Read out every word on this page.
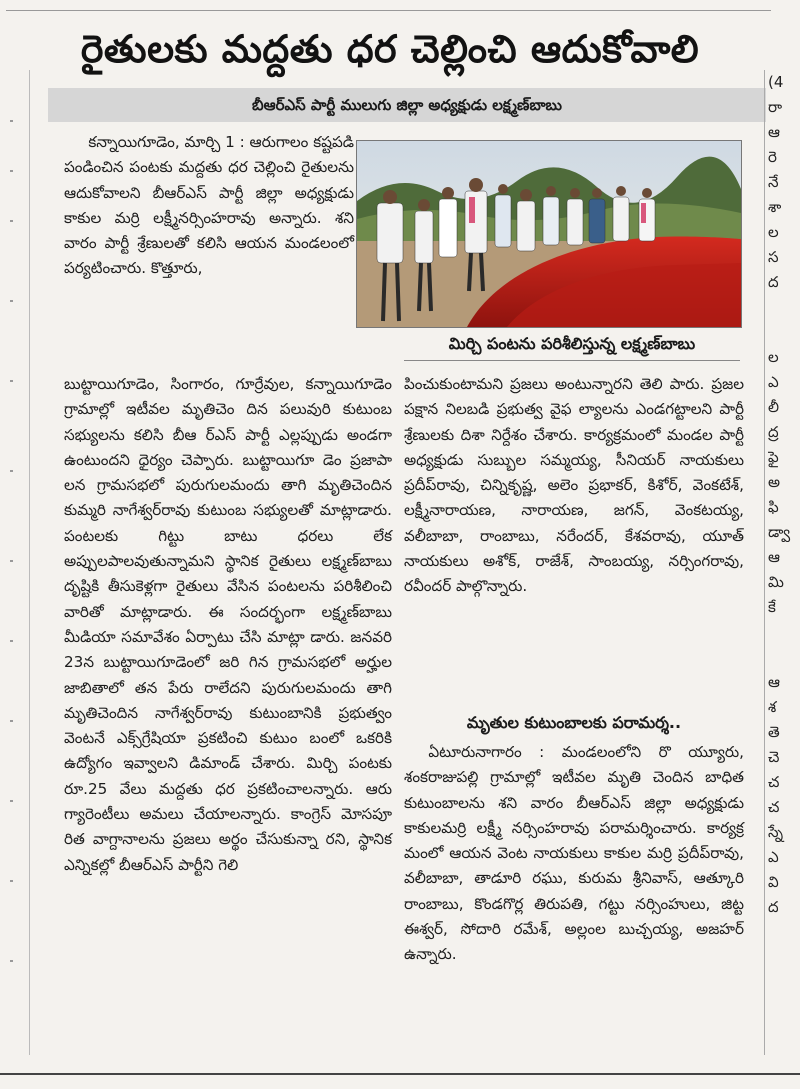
రైతులకు మద్దతు ధర చెల్లించి ఆదుకోవాలి
బీఆర్ఎస్ పార్టీ ములుగు జిల్లా అధ్యక్షుడు లక్ష్మణ్‌బాబు

కన్నాయిగూడెం, మార్చి 1 : ఆరుగాలం కష్టపడి పండించిన పంటకు మద్దతు ధర చెల్లించి రైతులను ఆదుకోవాలని బీఆర్ఎస్ పార్టీ జిల్లా అధ్యక్షుడు కాకుల మర్రి లక్ష్మీనర్సింహరావు అన్నారు. శని వారం పార్టీ శ్రేణులతో కలిసి ఆయన మండలంలో పర్యటించారు. కొత్తూరు,

మిర్చి పంటను పరిశీలిస్తున్న లక్ష్మణ్‌బాబు

బుట్టాయిగూడెం, సింగారం, గూర్రేవుల, కన్నాయిగూడెం గ్రామాల్లో ఇటీవల మృతిచెం దిన పలువురి కుటుంబ సభ్యులను కలిసి బీఆ ర్ఎస్ పార్టీ ఎల్లప్పుడు అండగా ఉంటుందని ధైర్యం చెప్పారు. బుట్టాయిగూ డెం ప్రజాపా లన గ్రామసభలో పురుగులమందు తాగి మృతిచెందిన కుమ్మరి నాగేశ్వర్‌రావు కుటుంబ సభ్యులతో మాట్లాడారు. పంటలకు గిట్టు బాటు ధరలు లేక అప్పులపాలవుతున్నామని స్థానిక రైతులు లక్ష్మణ్‌బాబు దృష్టికి తీసుకెళ్లగా రైతులు వేసిన పంటలను పరిశీలించి వారితో మాట్లాడారు. ఈ సందర్భంగా లక్ష్మణ్‌బాబు మీడియా సమావేశం ఏర్పాటు చేసి మాట్లా డారు. జనవరి 23న బుట్టాయిగూడెంలో జరి గిన గ్రామసభలో అర్హుల జాబితాలో తన పేరు రాలేదని పురుగులమందు తాగి మృతిచెందిన నాగేశ్వర్‌రావు కుటుంబానికి ప్రభుత్వం వెంటనే ఎక్స్‌గ్రేషియా ప్రకటించి కుటుం బంలో ఒకరికి ఉద్యోగం ఇవ్వాలని డిమాండ్ చేశారు. మిర్చి పంటకు రూ.25 వేలు మద్దతు ధర ప్రకటించాలన్నారు. ఆరు గ్యారెంటీలు అమలు చేయాలన్నారు. కాంగ్రెస్ మోసపూ రిత వాగ్దానాలను ప్రజలు అర్థం చేసుకున్నా రని, స్థానిక ఎన్నికల్లో బీఆర్ఎస్ పార్టీని గెలి

పించుకుంటామని ప్రజలు అంటున్నారని తెలి పారు. ప్రజల పక్షాన నిలబడి ప్రభుత్వ వైఫ ల్యాలను ఎండగట్టాలని పార్టీ శ్రేణులకు దిశా నిర్దేశం చేశారు. కార్యక్రమంలో మండల పార్టీ అధ్యక్షుడు సుబ్బుల సమ్మయ్య, సీనియర్ నాయకులు ప్రదీప్‌రావు, చిన్నికృష్ణ, అలెం ప్రభాకర్, కిశోర్, వెంకటేశ్, లక్ష్మీనారాయణ, నారాయణ, జగన్, వెంకటయ్య, వలీబాబా, రాంబాబు, నరేందర్, కేశవరావు, యూత్ నాయకులు అశోక్, రాజేశ్, సాంబయ్య, నర్సింగరావు, రవీందర్ పాల్గొన్నారు.

మృతుల కుటుంబాలకు పరామర్శ..

ఏటూరునాగారం : మండలంలోని రొ య్యూరు, శంకరాజుపల్లి గ్రామాల్లో ఇటీవల మృతి చెందిన బాధిత కుటుంబాలను శని వారం బీఆర్ఎస్ జిల్లా అధ్యక్షుడు కాకులమర్రి లక్ష్మీ నర్సింహరావు పరామర్శించారు. కార్యక్ర మంలో ఆయన వెంట నాయకులు కాకుల మర్రి ప్రదీప్‌రావు, వలీబాబా, తాడూరి రఘు, కురుమ శ్రీనివాస్, ఆత్కూరి రాంబాబు, కొండగొర్ల తిరుపతి, గట్టు నర్సింహులు, జిట్ట ఈశ్వర్, సోదారి రమేశ్, అల్లంల బుచ్చయ్య, అజహర్ ఉన్నారు.

(4
రా
ఆ
రె
నే
శా
ల
స
ద
ల
ఎ
లీ
ద్ర
ఫై
అ
ఫి
డ్వా
ఆ
మి
కే
ఆ
శ
తె
చె
చ
చ
స్నే
ఎ
వి
ద
